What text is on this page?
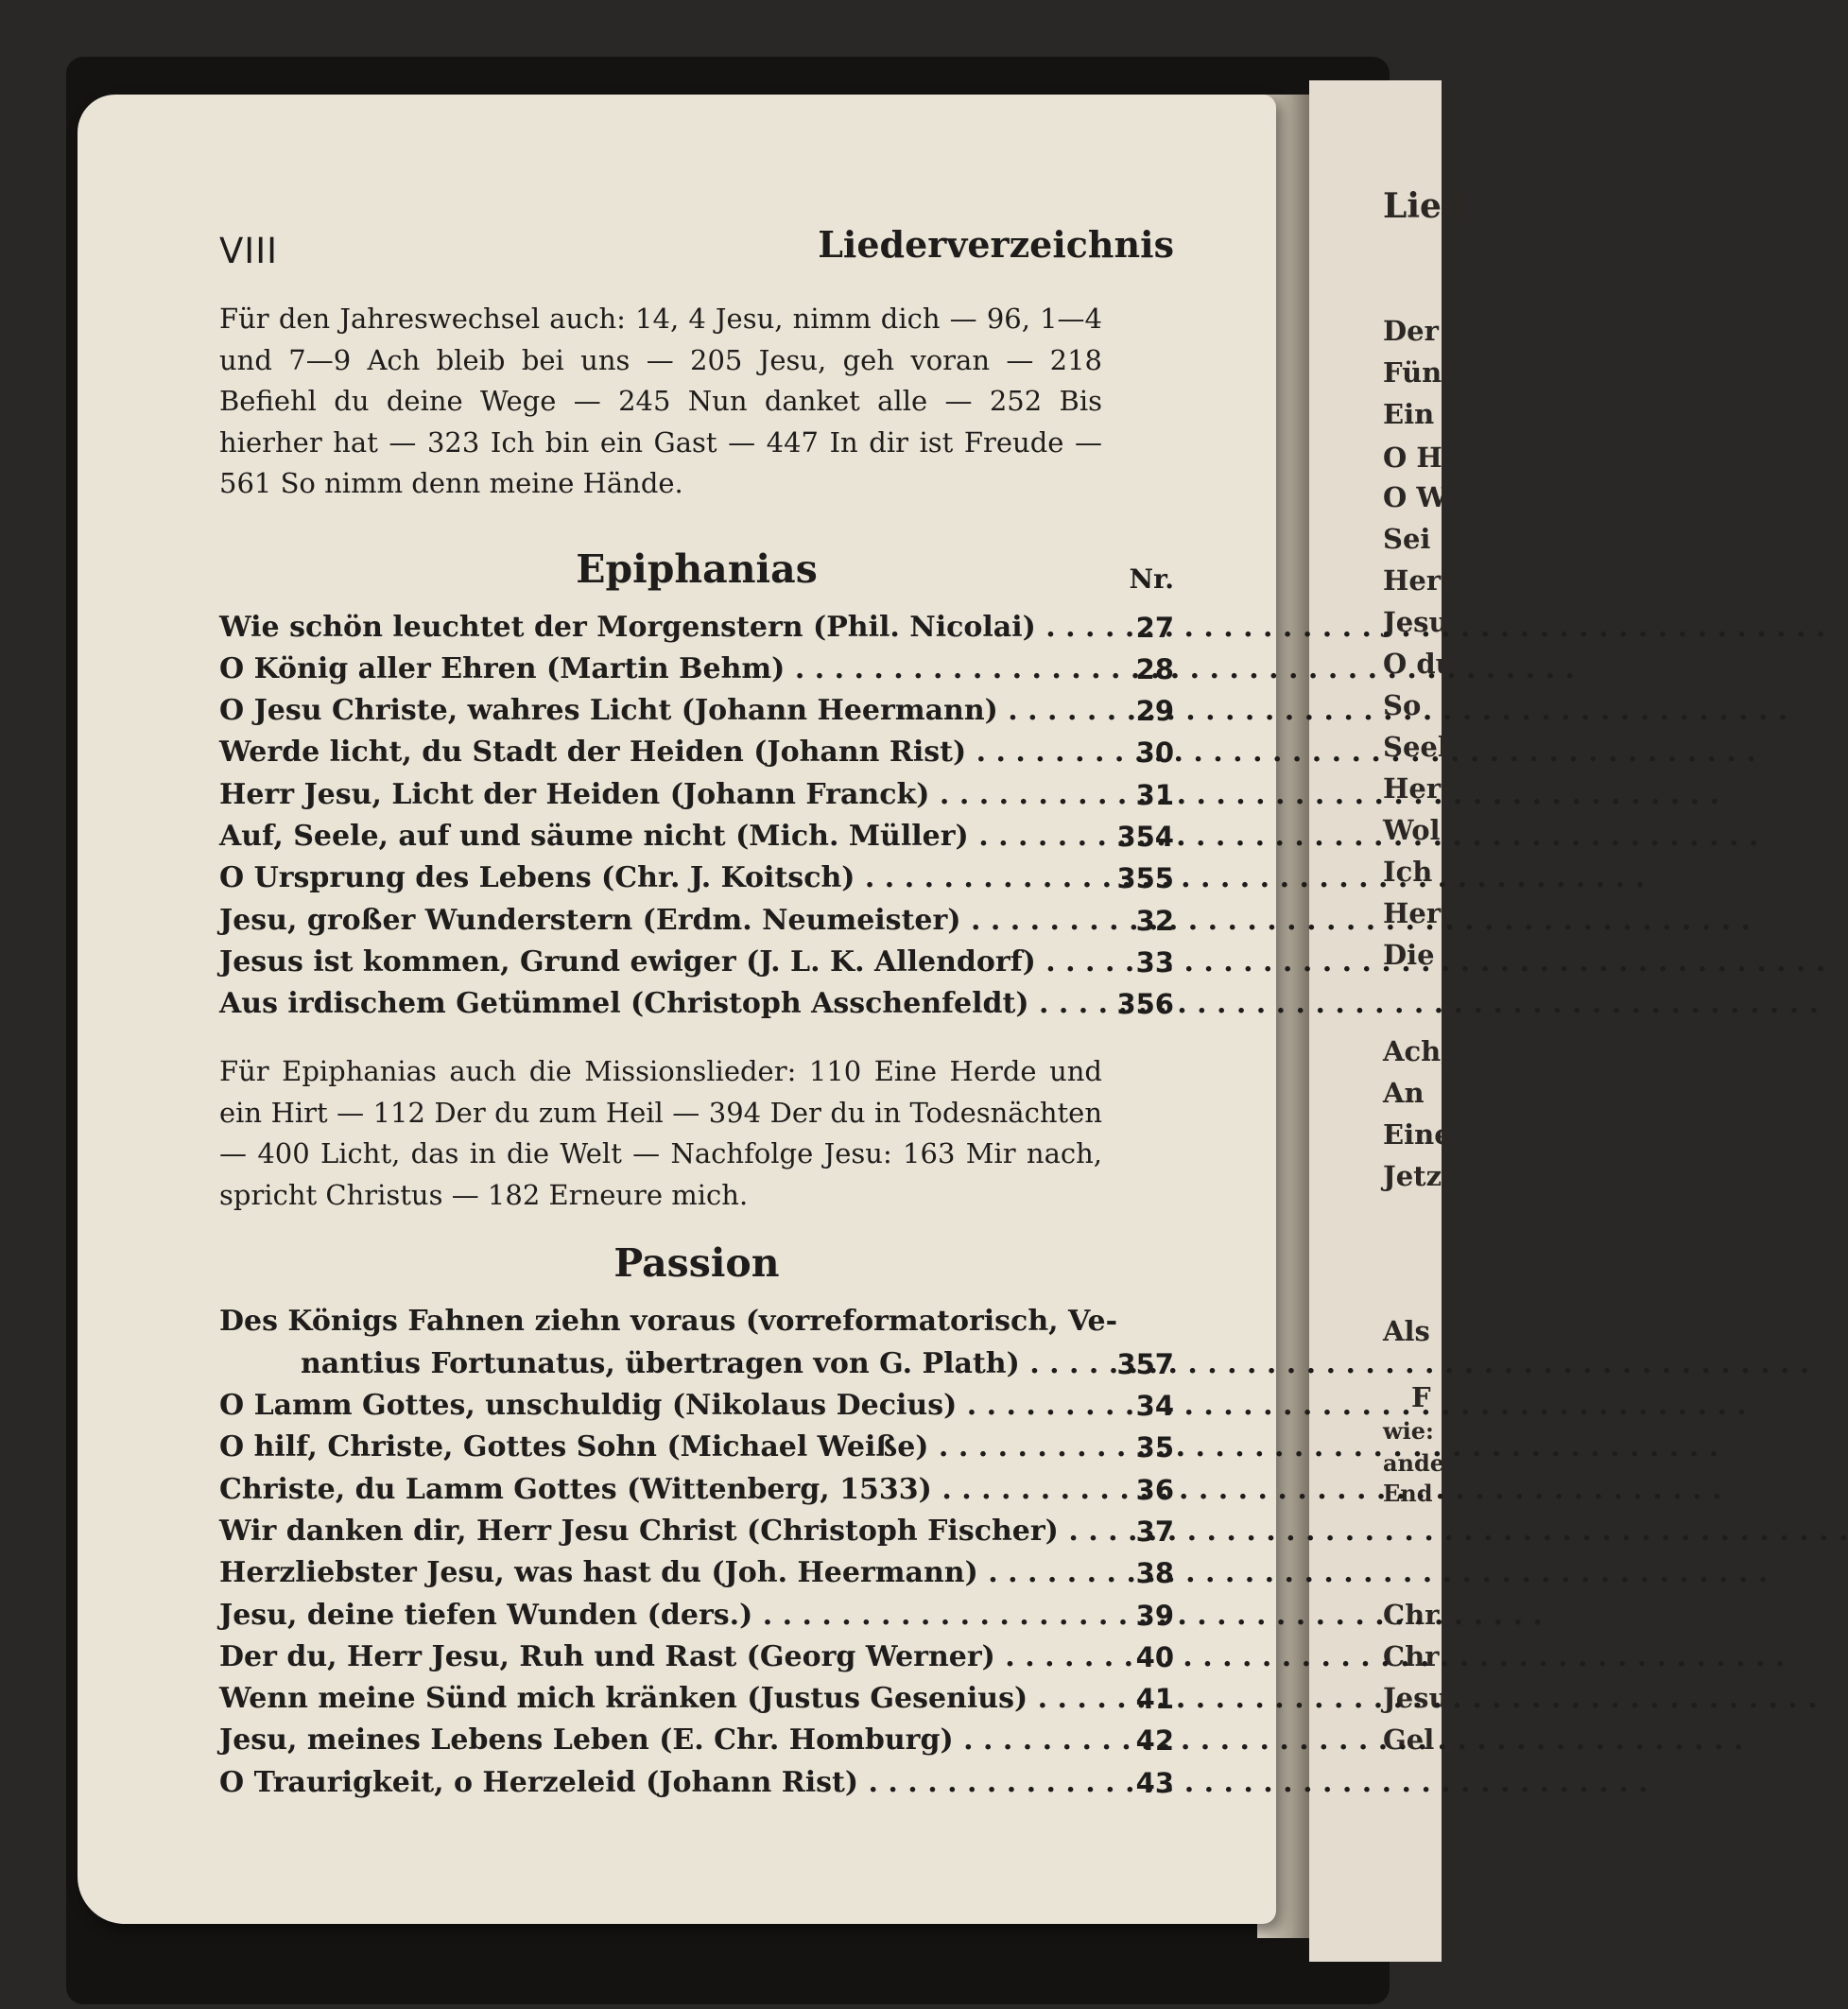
Lied
Der
Fünf
Ein
O H
O W
Sei
Herr
Jesu,
O du
So
Seel
Herr
Wol
Ich
Herr
Die
Ach,
An
Eine
Jetzt
Als
F
wie:
ande
End
Chr
Chr
Jesu
Gel
VIII	Liederverzeichnis

Für den Jahreswechsel auch: 14, 4 Jesu, nimm dich — 96, 1—4 und 7—9 Ach bleib bei uns — 205 Jesu, geh voran — 218 Befiehl du deine Wege — 245 Nun danket alle — 252 Bis hierher hat — 323 Ich bin ein Gast — 447 In dir ist Freude — 561 So nimm denn meine Hände.

Epiphanias	Nr.
Wie schön leuchtet der Morgenstern (Phil. Nicolai) . . .	27
O König aller Ehren (Martin Behm) . . .	28
O Jesu Christe, wahres Licht (Johann Heermann) . . .	29
Werde licht, du Stadt der Heiden (Johann Rist) . . .	30
Herr Jesu, Licht der Heiden (Johann Franck) . . .	31
Auf, Seele, auf und säume nicht (Mich. Müller) . . .	354
O Ursprung des Lebens (Chr. J. Koitsch) . . .	355
Jesu, großer Wunderstern (Erdm. Neumeister) . . .	32
Jesus ist kommen, Grund ewiger (J. L. K. Allendorf) . . .	33
Aus irdischem Getümmel (Christoph Asschenfeldt) . . .	356

Für Epiphanias auch die Missionslieder: 110 Eine Herde und ein Hirt — 112 Der du zum Heil — 394 Der du in Todesnächten — 400 Licht, das in die Welt — Nachfolge Jesu: 163 Mir nach, spricht Christus — 182 Erneure mich.

Passion
Des Königs Fahnen ziehn voraus (vorreformatorisch, Ve-
nantius Fortunatus, übertragen von G. Plath) . . .	357
O Lamm Gottes, unschuldig (Nikolaus Decius) . . .	34
O hilf, Christe, Gottes Sohn (Michael Weiße) . . .	35
Christe, du Lamm Gottes (Wittenberg, 1533) . . .	36
Wir danken dir, Herr Jesu Christ (Christoph Fischer) . . .	37
Herzliebster Jesu, was hast du (Joh. Heermann) . . .	38
Jesu, deine tiefen Wunden (ders.) . . .	39
Der du, Herr Jesu, Ruh und Rast (Georg Werner) . . .	40
Wenn meine Sünd mich kränken (Justus Gesenius) . . .	41
Jesu, meines Lebens Leben (E. Chr. Homburg) . . .	42
O Traurigkeit, o Herzeleid (Johann Rist) . . .	43
